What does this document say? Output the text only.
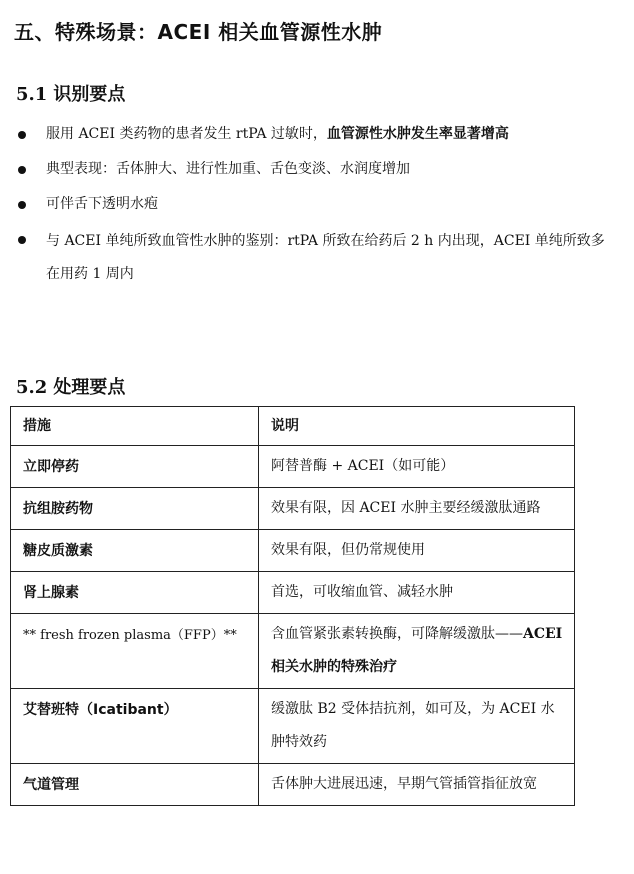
五、特殊场景：ACEI 相关血管源性水肿
5.1 识别要点
服用 ACEI 类药物的患者发生 rtPA 过敏时，血管源性水肿发生率显著增高
典型表现：舌体肿大、进行性加重、舌色变淡、水润度增加
可伴舌下透明水疱
与 ACEI 单纯所致血管性水肿的鉴别：rtPA 所致在给药后 2 h 内出现，ACEI 单纯所致多在用药 1 周内
5.2 处理要点
措施	说明
立即停药	阿替普酶 + ACEI（如可能）
抗组胺药物	效果有限，因 ACEI 水肿主要经缓激肽通路
糖皮质激素	效果有限，但仍常规使用
肾上腺素	首选，可收缩血管、减轻水肿
** fresh frozen plasma（FFP）**	含血管紧张素转换酶，可降解缓激肽——ACEI 相关水肿的特殊治疗
艾替班特（Icatibant）	缓激肽 B2 受体拮抗剂，如可及，为 ACEI 水肿特效药
气道管理	舌体肿大进展迅速，早期气管插管指征放宽
